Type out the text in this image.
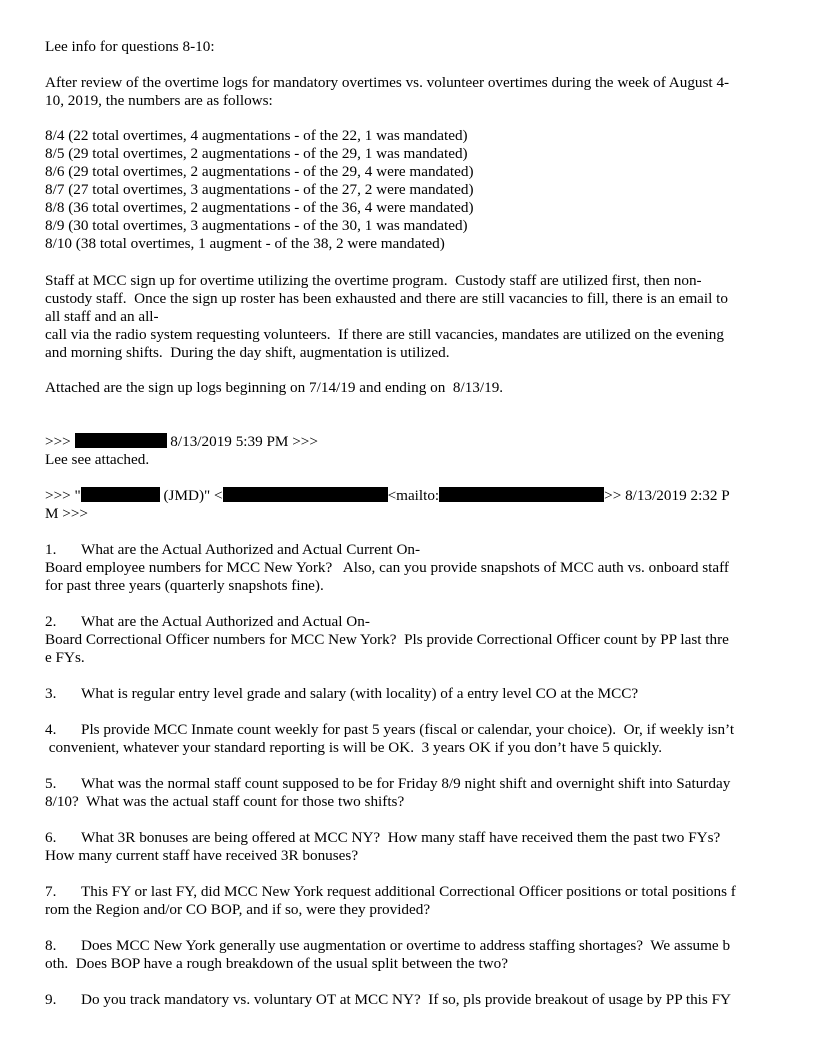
Lee info for questions 8-10:

After review of the overtime logs for mandatory overtimes vs. volunteer overtimes during the week of August 4-
10, 2019, the numbers are as follows:

8/4 (22 total overtimes, 4 augmentations - of the 22, 1 was mandated)
8/5 (29 total overtimes, 2 augmentations - of the 29, 1 was mandated)
8/6 (29 total overtimes, 2 augmentations - of the 29, 4 were mandated)
8/7 (27 total overtimes, 3 augmentations - of the 27, 2 were mandated)
8/8 (36 total overtimes, 2 augmentations - of the 36, 4 were mandated)
8/9 (30 total overtimes, 3 augmentations - of the 30, 1 was mandated)
8/10 (38 total overtimes, 1 augment - of the 38, 2 were mandated)

Staff at MCC sign up for overtime utilizing the overtime program.  Custody staff are utilized first, then non-
custody staff.  Once the sign up roster has been exhausted and there are still vacancies to fill, there is an email to
all staff and an all-
call via the radio system requesting volunteers.  If there are still vacancies, mandates are utilized on the evening
and morning shifts.  During the day shift, augmentation is utilized.

Attached are the sign up logs beginning on 7/14/19 and ending on  8/13/19.

>>>	8/13/2019 5:39 PM >>>
Lee see attached.
>>> "	(JMD)" <	<mailto:	>> 8/13/2019 2:32 P
M >>>
1. What are the Actual Authorized and Actual Current On-
Board employee numbers for MCC New York?   Also, can you provide snapshots of MCC auth vs. onboard staff
for past three years (quarterly snapshots fine).
2. What are the Actual Authorized and Actual On-
Board Correctional Officer numbers for MCC New York?  Pls provide Correctional Officer count by PP last thre
e FYs.
3. What is regular entry level grade and salary (with locality) of a entry level CO at the MCC?
4. Pls provide MCC Inmate count weekly for past 5 years (fiscal or calendar, your choice).  Or, if weekly isn’t
convenient, whatever your standard reporting is will be OK.  3 years OK if you don’t have 5 quickly.
5. What was the normal staff count supposed to be for Friday 8/9 night shift and overnight shift into Saturday
8/10?  What was the actual staff count for those two shifts?
6. What 3R bonuses are being offered at MCC NY?  How many staff have received them the past two FYs?
How many current staff have received 3R bonuses?
7. This FY or last FY, did MCC New York request additional Correctional Officer positions or total positions f
rom the Region and/or CO BOP, and if so, were they provided?
8. Does MCC New York generally use augmentation or overtime to address staffing shortages?  We assume b
oth.  Does BOP have a rough breakdown of the usual split between the two?
9. Do you track mandatory vs. voluntary OT at MCC NY?  If so, pls provide breakout of usage by PP this FY
